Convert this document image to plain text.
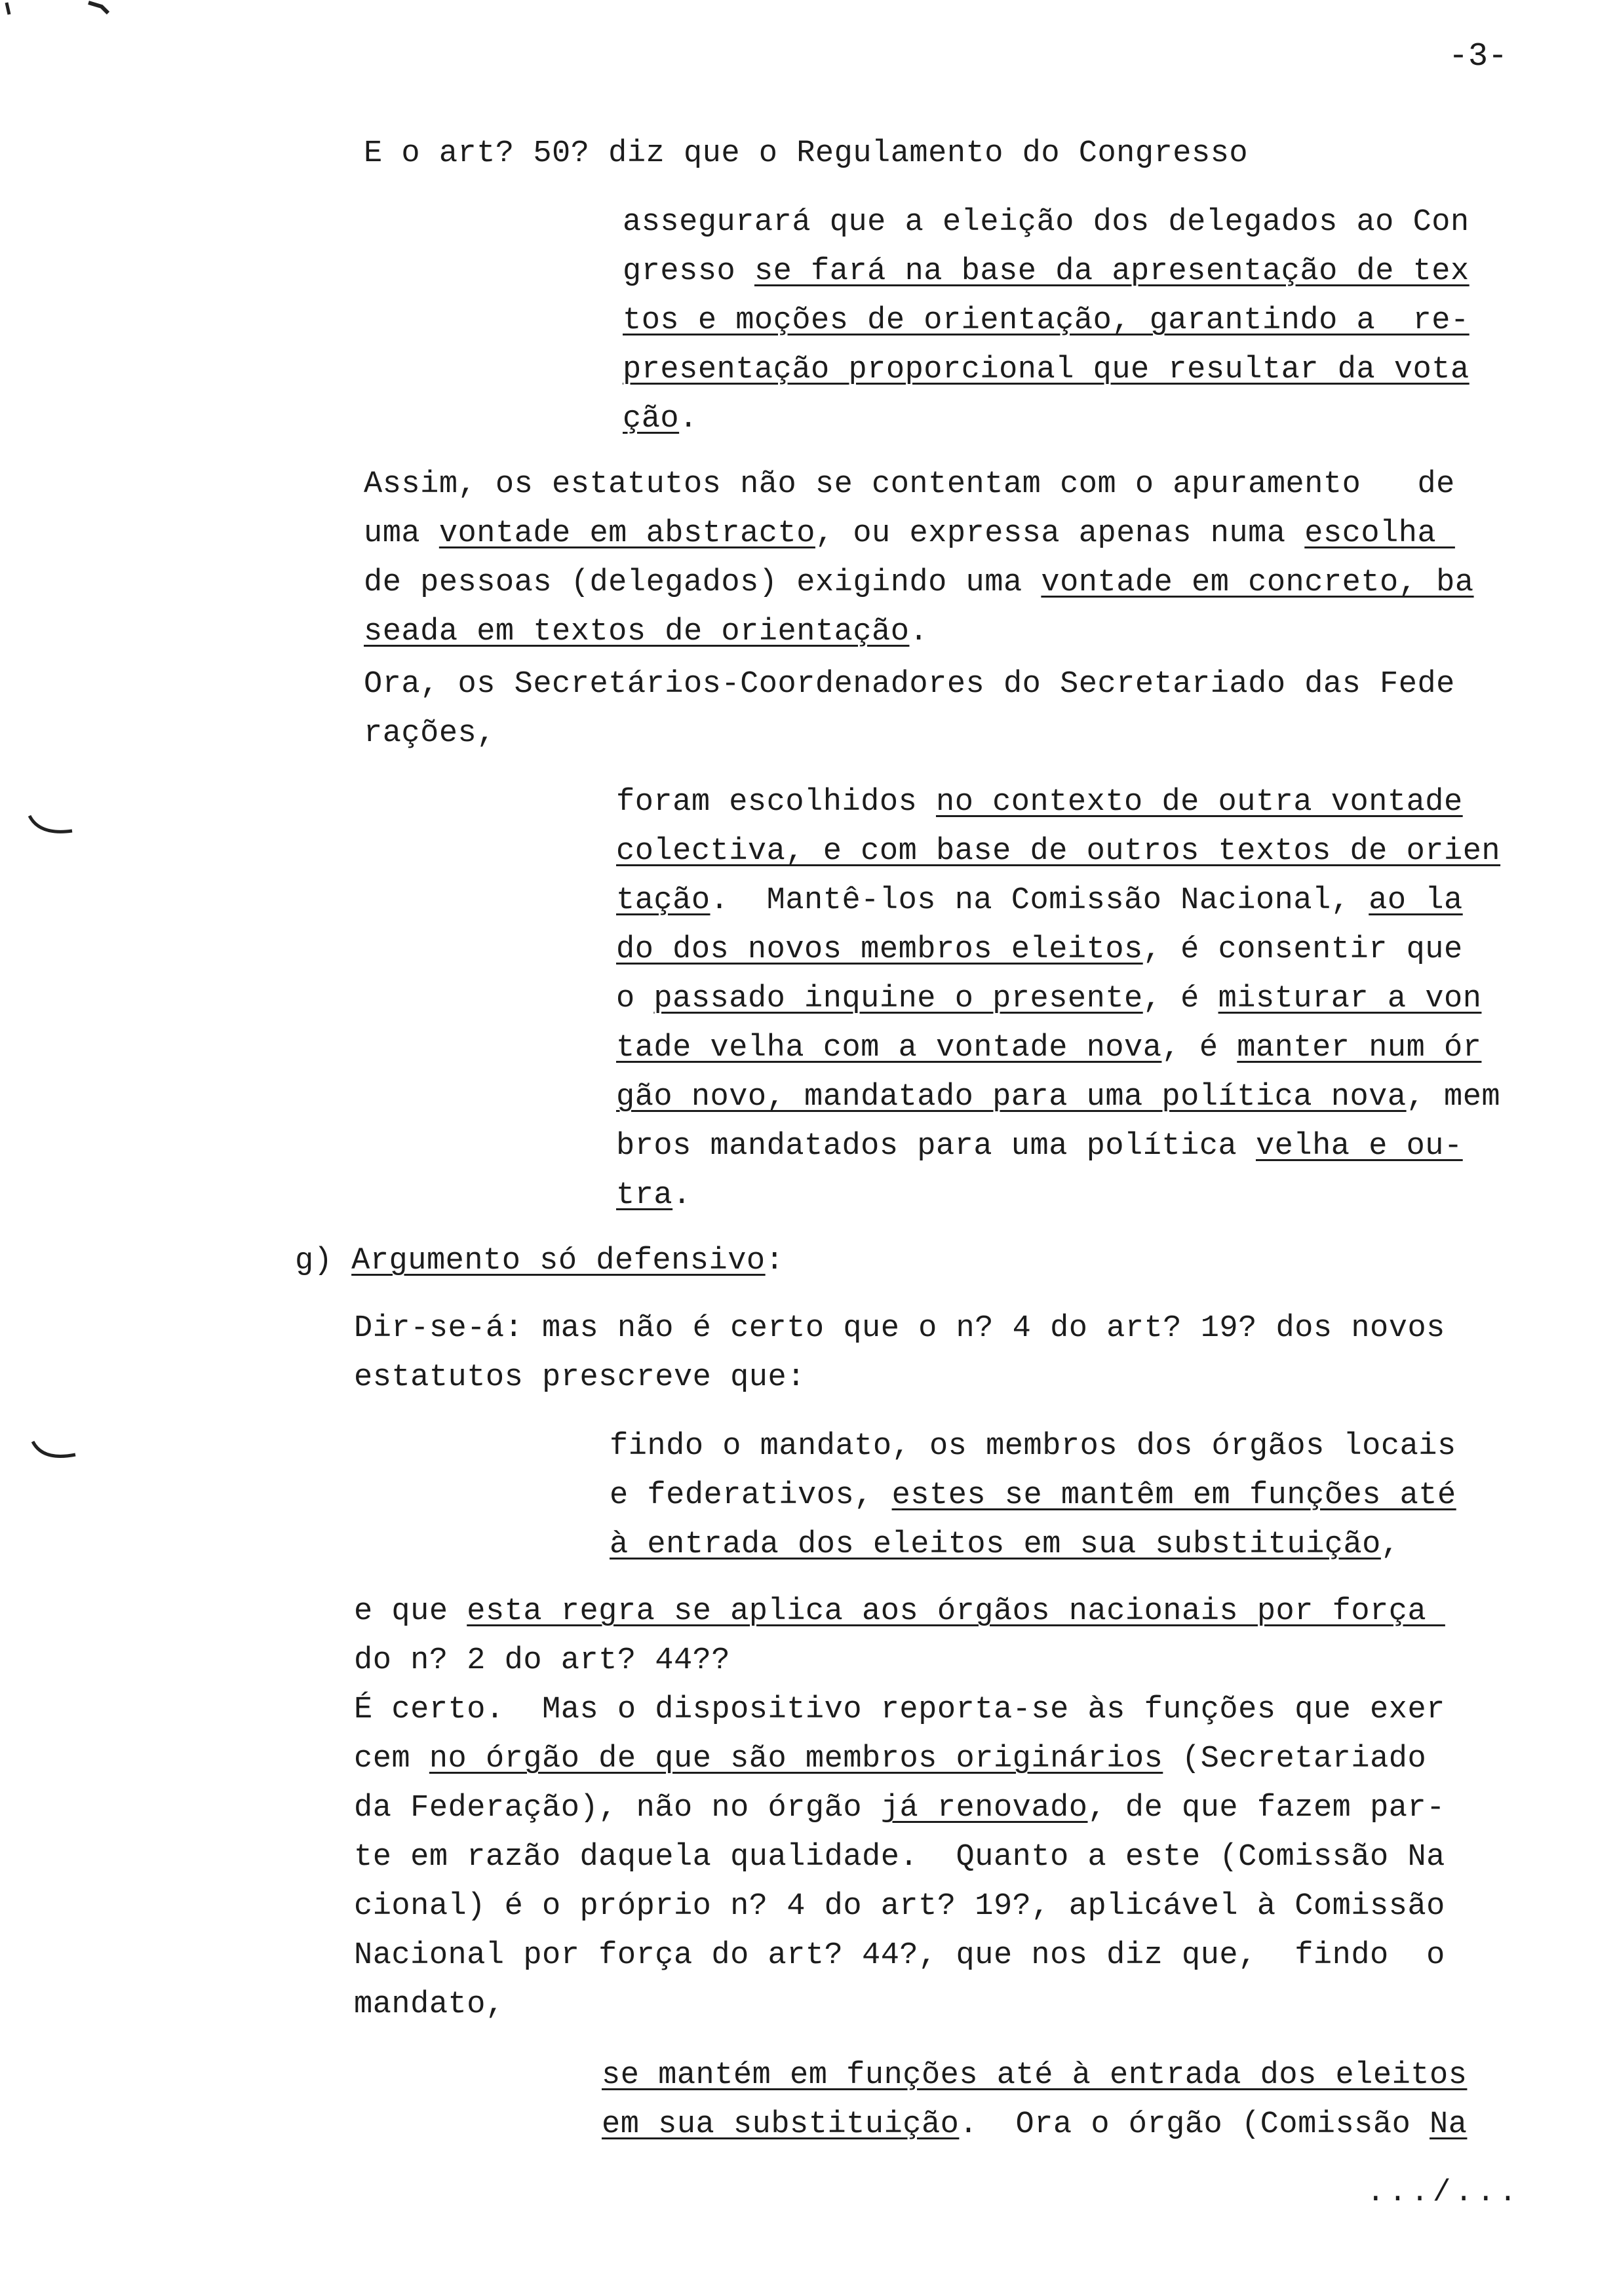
-3-
E o art? 50? diz que o Regulamento do Congresso
assegurará que a eleição dos delegados ao Con
gresso se fará na base da apresentação de tex
tos e moções de orientação, garantindo a  re-
presentação proporcional que resultar da vota
ção.
Assim, os estatutos não se contentam com o apuramento   de
uma vontade em abstracto, ou expressa apenas numa escolha
de pessoas (delegados) exigindo uma vontade em concreto, ba
seada em textos de orientação.
Ora, os Secretários-Coordenadores do Secretariado das Fede
rações,
foram escolhidos no contexto de outra vontade
colectiva, e com base de outros textos de orien
tação.  Mantê-los na Comissão Nacional, ao la
do dos novos membros eleitos, é consentir que
o passado inquine o presente, é misturar a von
tade velha com a vontade nova, é manter num ór
gão novo, mandatado para uma política nova, mem
bros mandatados para uma política velha e ou-
tra.
g) Argumento só defensivo:
Dir-se-á: mas não é certo que o n? 4 do art? 19? dos novos
estatutos prescreve que:
findo o mandato, os membros dos órgãos locais
e federativos, estes se mantêm em funções até
à entrada dos eleitos em sua substituição,
e que esta regra se aplica aos órgãos nacionais por força
do n? 2 do art? 44??
É certo.  Mas o dispositivo reporta-se às funções que exer
cem no órgão de que são membros originários (Secretariado
da Federação), não no órgão já renovado, de que fazem par-
te em razão daquela qualidade.  Quanto a este (Comissão Na
cional) é o próprio n? 4 do art? 19?, aplicável à Comissão
Nacional por força do art? 44?, que nos diz que,  findo  o
mandato,
se mantém em funções até à entrada dos eleitos
em sua substituição.  Ora o órgão (Comissão Na
.../...
